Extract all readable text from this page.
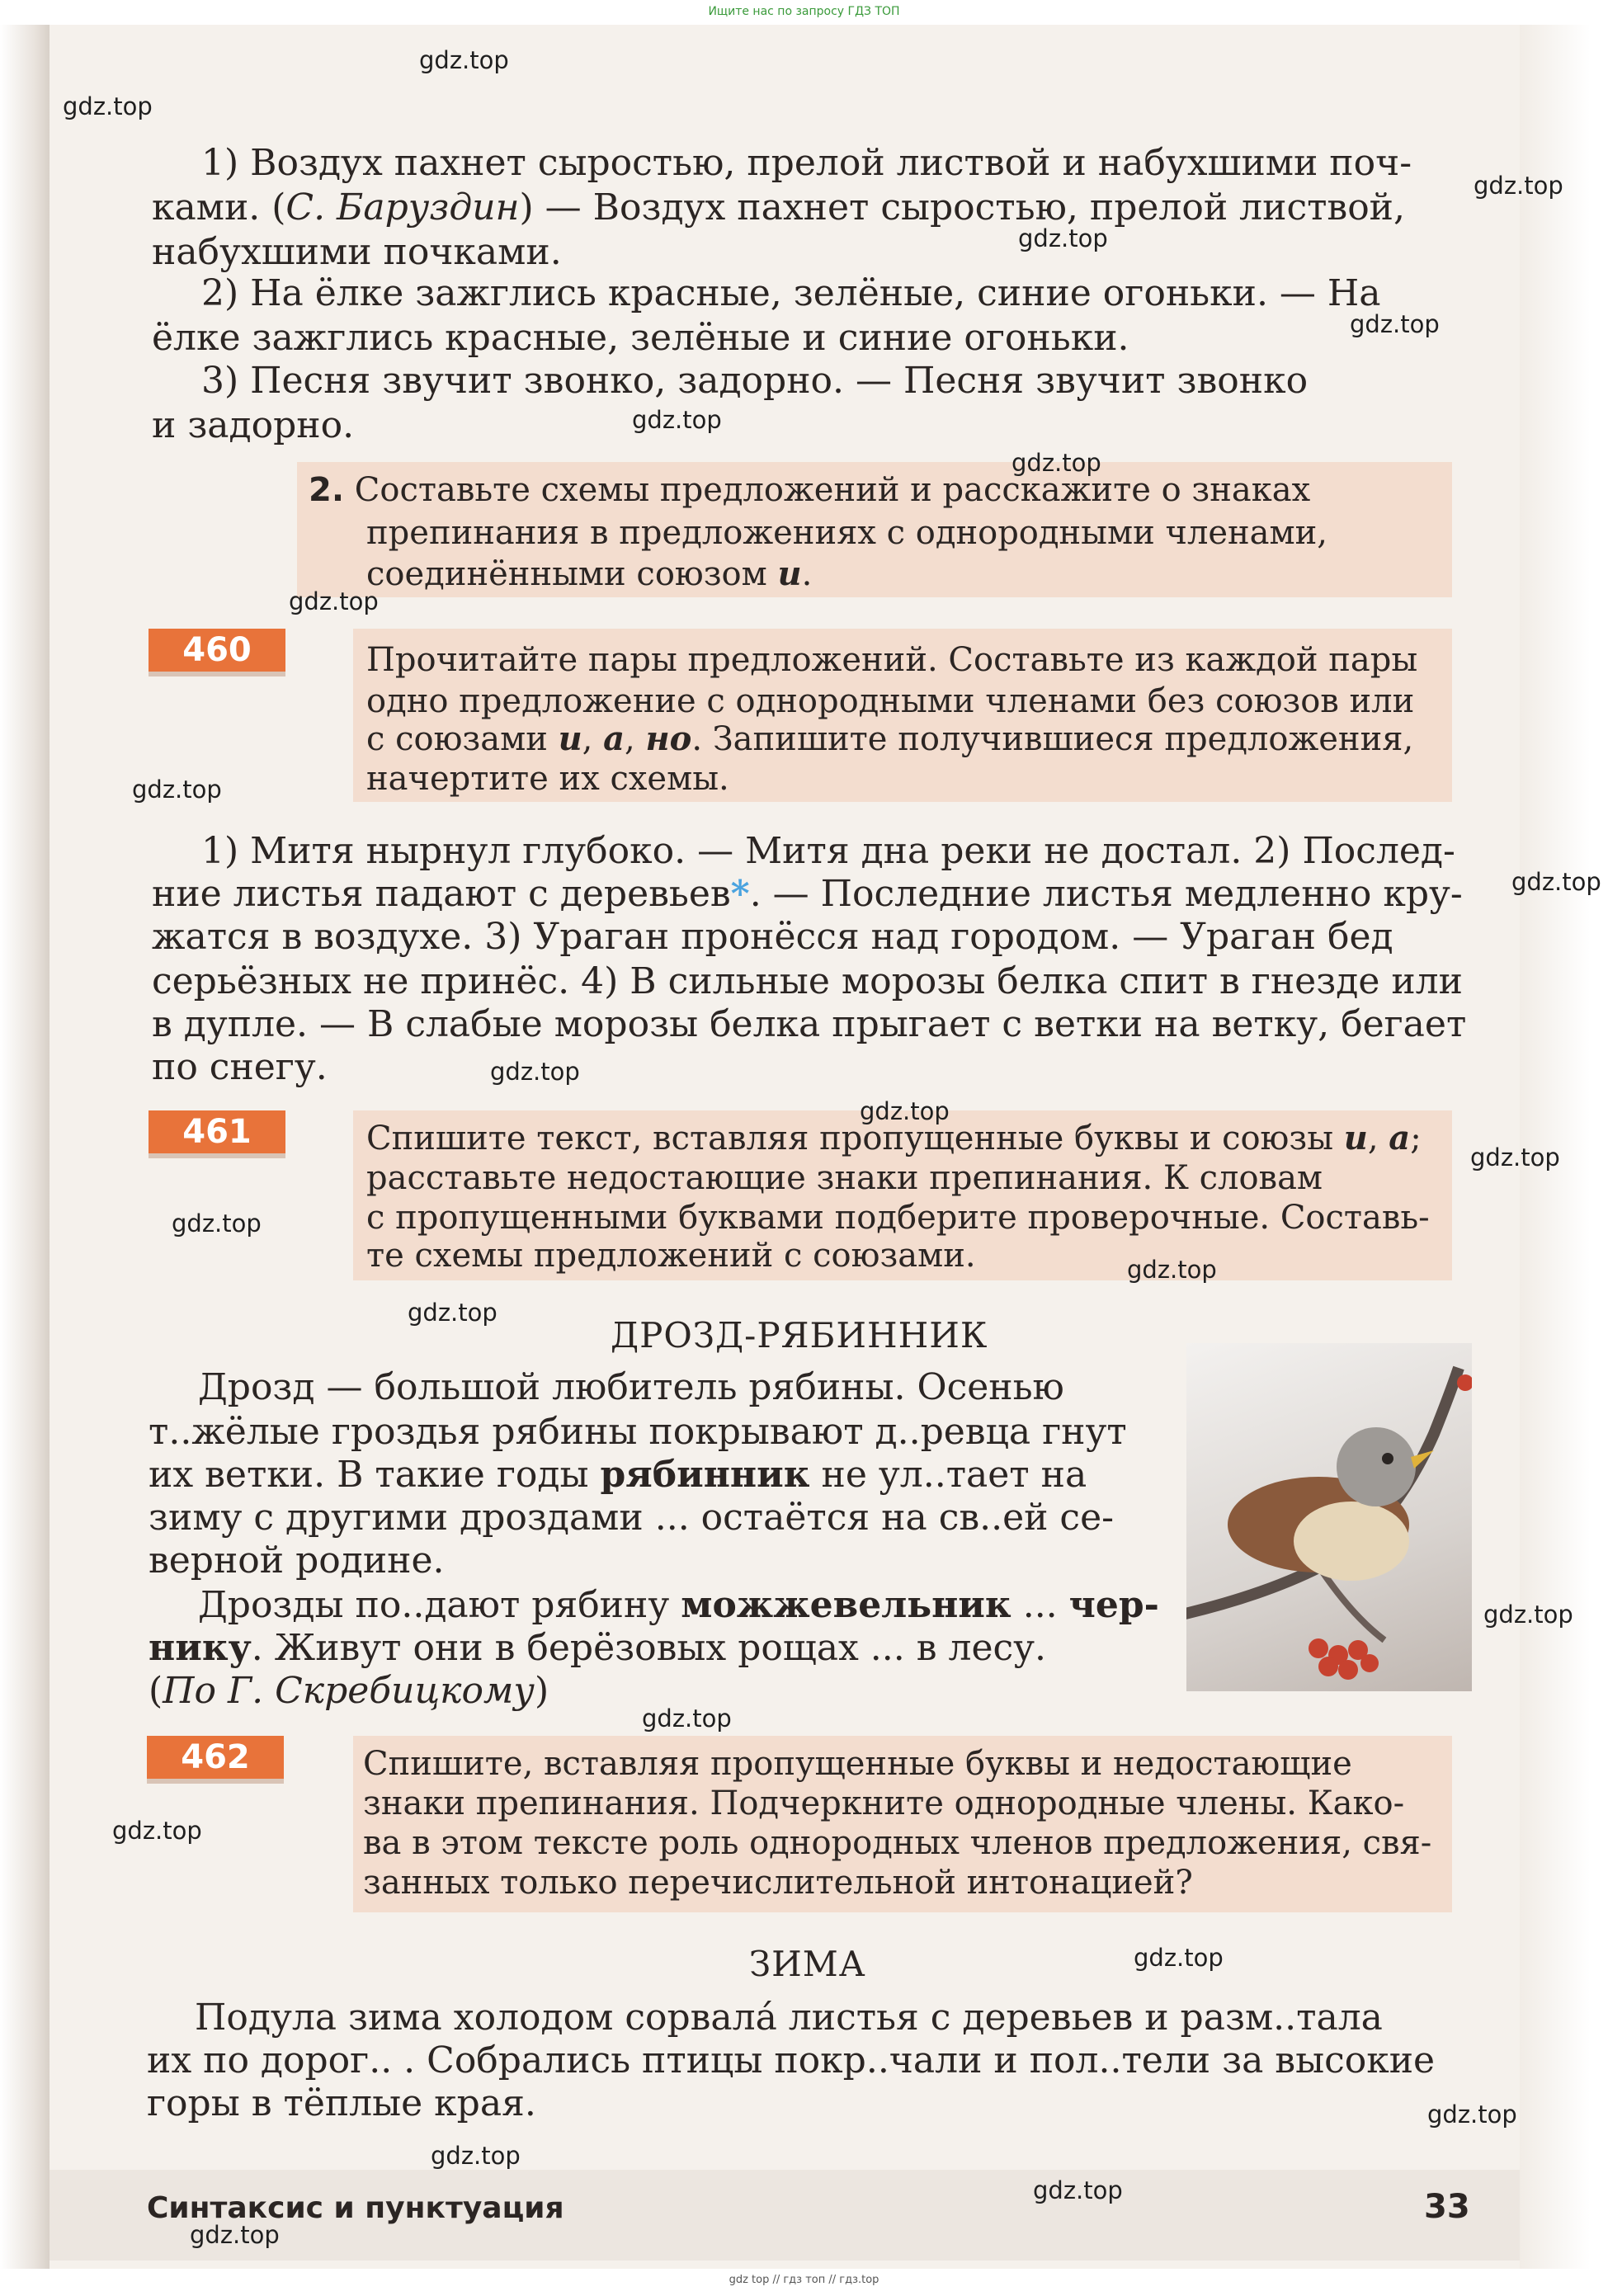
Ищите нас по запросу ГДЗ ТОП
1) Воздух пахнет сыростью, прелой листвой и набухшими поч-
ками. (С. Баруздин) — Воздух пахнет сыростью, прелой листвой,
набухшими почками.
2) На ёлке зажглись красные, зелёные, синие огоньки. — На
ёлке зажглись красные, зелёные и синие огоньки.
3) Песня звучит звонко, задорно. — Песня звучит звонко
и задорно.
2. Составьте схемы предложений и расскажите о знаках
препинания в предложениях с однородными членами,
соединёнными союзом и.
460	Прочитайте пары предложений. Составьте из каждой пары
одно предложение с однородными членами без союзов или
с союзами и, а, но. Запишите получившиеся предложения,
начертите их схемы.
1) Митя нырнул глубоко. — Митя дна реки не достал. 2) Послед-
ние листья падают с деревьев*. — Последние листья медленно кру-
жатся в воздухе. 3) Ураган пронёсся над городом. — Ураган бед
серьёзных не принёс. 4) В сильные морозы белка спит в гнезде или
в дупле. — В слабые морозы белка прыгает с ветки на ветку, бегает
по снегу.
461	Спишите текст, вставляя пропущенные буквы и союзы и, а;
расставьте недостающие знаки препинания. К словам
с пропущенными буквами подберите проверочные. Составь-
те схемы предложений с союзами.
ДРОЗД-РЯБИННИК
Дрозд — большой любитель рябины. Осенью
т..жёлые гроздья рябины покрывают д..ревца гнут
их ветки. В такие годы рябинник не ул..тает на
зиму с другими дроздами ... остаётся на св..ей се-
верной родине.
Дрозды по..дают рябину можжевельник ... чер-
нику. Живут они в берёзовых рощах ... в лесу.
(По Г. Скребицкому)
462	Спишите, вставляя пропущенные буквы и недостающие
знаки препинания. Подчеркните однородные члены. Како-
ва в этом тексте роль однородных членов предложения, свя-
занных только перечислительной интонацией?
ЗИМА
Подула зима холодом сорвала́ листья с деревьев и разм..тала
их по дорог.. . Собрались птицы покр..чали и пол..тели за высокие
горы в тёплые края.
Синтаксис и пунктуация	33
gdz top // гдз топ // гдз.top
gdz.top
gdz.top
gdz.top
gdz.top
gdz.top
gdz.top
gdz.top
gdz.top
gdz.top
gdz.top
gdz.top
gdz.top
gdz.top
gdz.top
gdz.top
gdz.top
gdz.top
gdz.top
gdz.top
gdz.top
gdz.top
gdz.top
gdz.top
gdz.top
